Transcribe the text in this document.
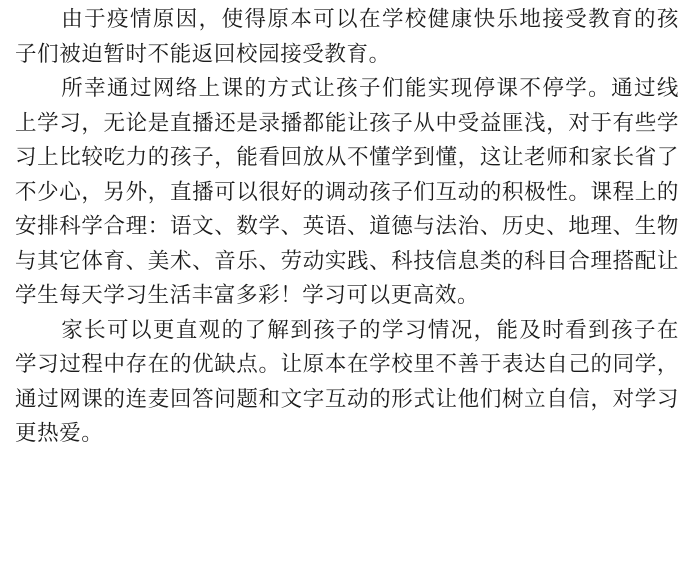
由于疫情原因，使得原本可以在学校健康快乐地接受教育的孩子们被迫暂时不能返回校园接受教育。

所幸通过网络上课的方式让孩子们能实现停课不停学。通过线上学习，无论是直播还是录播都能让孩子从中受益匪浅，对于有些学习上比较吃力的孩子，能看回放从不懂学到懂，这让老师和家长省了不少心，另外，直播可以很好的调动孩子们互动的积极性。课程上的安排科学合理：语文、数学、英语、道德与法治、历史、地理、生物与其它体育、美术、音乐、劳动实践、科技信息类的科目合理搭配让学生每天学习生活丰富多彩！学习可以更高效。

家长可以更直观的了解到孩子的学习情况，能及时看到孩子在学习过程中存在的优缺点。让原本在学校里不善于表达自己的同学，通过网课的连麦回答问题和文字互动的形式让他们树立自信，对学习更热爱。
